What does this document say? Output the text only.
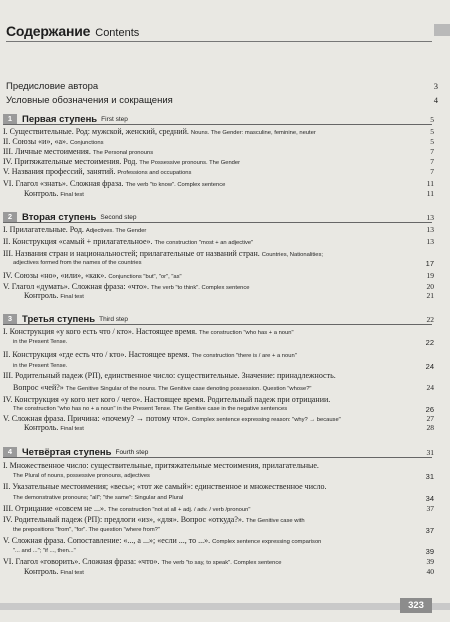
Содержание Contents
Предисловие автора	3
Условные обозначения и сокращения	4
1	Первая ступень First step	5
I. Существительные. Род: мужской, женский, средний. Nouns. The Gender: masculine, feminine, neuter	5
II. Союзы «и», «а». Conjunctions	5
III. Личные местоимения. The Personal pronouns	7
IV. Притяжательные местоимения. Род. The Possessive pronouns. The Gender	7
V. Названия профессий, занятий. Professions and occupations	7
VI. Глагол «знать». Сложная фраза. The verb "to know". Complex sentence	11
Контроль. Final test	11
2	Вторая ступень Second step	13
I. Прилагательные. Род. Adjectives. The Gender	13
II. Конструкция «самый + прилагательное». The construction "most + an adjective"	13
III. Названия стран и национальностей; прилагательные от названий стран. Countries, Nationalities;
adjectives formed from the names of the countries	17
IV. Союзы «но», «или», «как». Conjunctions "but", "or", "as"	19
V. Глагол «думать». Сложная фраза: «что». The verb "to think". Complex sentence	20
Контроль. Final test	21
3	Третья ступень Third step	22
I. Конструкция «у кого есть что / кто». Настоящее время. The construction "who has + a noun"
in the Present Tense.	22
II. Конструкция «где есть что / кто». Настоящее время. The construction "there is / are + a noun"
in the Present Tense.	24
III. Родительный падеж (РП), единственное число: существительные. Значение: принадлежность.
Вопрос «чей?» The Genitive Singular of the nouns. The Genitive case denoting possession. Question "whose?"	24
IV. Конструкция «у кого нет кого / чего». Настоящее время. Родительный падеж при отрицании.
The construction "who has no + a noun" in the Present Tense. The Genitive case in the negative sentences	26
V. Сложная фраза. Причина: «почему? → потому что». Complex sentence expressing reason: "why? → because"	27
Контроль. Final test	28
4	Четвёртая ступень Fourth step	31
I. Множественное число: существительные, притяжательные местоимения, прилагательные.
The Plural of nouns, possessive pronouns, adjectives	31
II. Указательные местоимения; «весь»; «тот же самый»: единственное и множественное число.
The demonstrative pronouns; "all"; "the same": Singular and Plural	34
III. Отрицание «совсем не ...». The construction "not at all + adj. / adv. / verb /pronoun"	37
IV. Родительный падеж (РП): предлоги «из», «для». Вопрос «откуда?». The Genitive case with
the prepositions "from", "for". The question "where from?"	37
V. Сложная фраза. Сопоставление: «..., а ...»; «если ..., то ...». Complex sentence expressing comparison
"... and ..."; "if ..., then..."	39
VI. Глагол «говорить». Сложная фраза: «что». The verb "to say, to speak". Complex sentence	39
Контроль. Final test	40
323
